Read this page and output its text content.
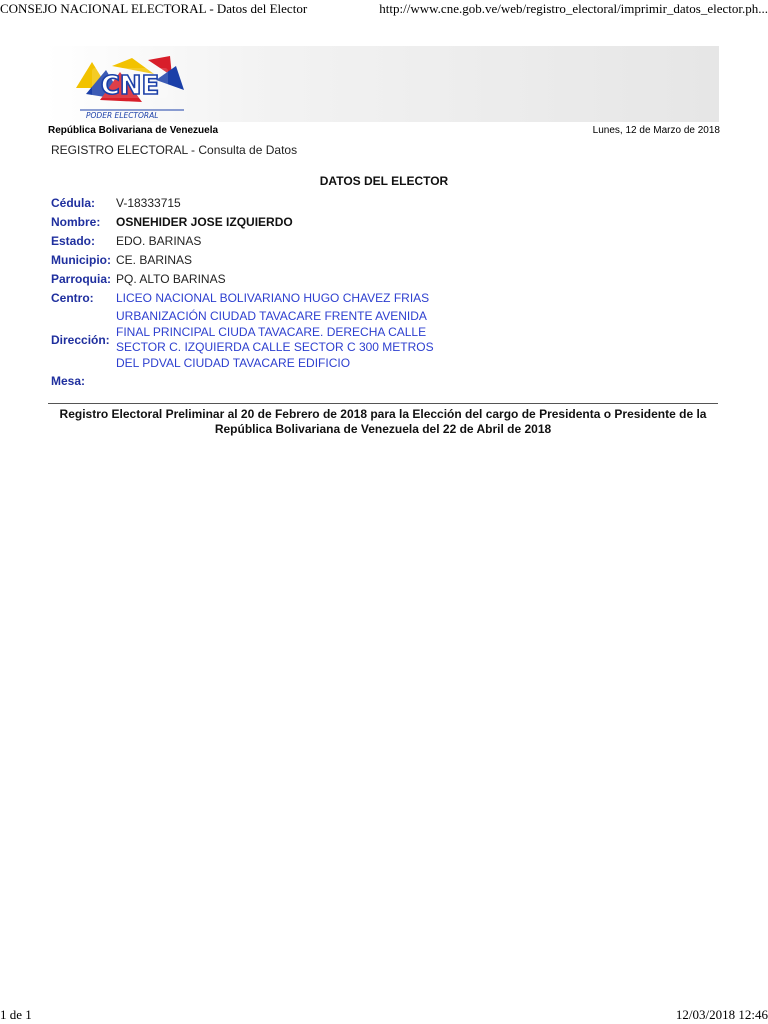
CONSEJO NACIONAL ELECTORAL - Datos del Elector	http://www.cne.gob.ve/web/registro_electoral/imprimir_datos_elector.ph...
CNE
PODER ELECTORAL
República Bolivariana de Venezuela	Lunes, 12 de Marzo de 2018
REGISTRO ELECTORAL - Consulta de Datos
DATOS DEL ELECTOR
Cédula:	V-18333715
Nombre:	OSNEHIDER JOSE IZQUIERDO
Estado:	EDO. BARINAS
Municipio: CE. BARINAS
Parroquia: PQ. ALTO BARINAS
Centro:	LICEO NACIONAL BOLIVARIANO HUGO CHAVEZ FRIAS
Dirección:
URBANIZACIÓN CIUDAD TAVACARE FRENTE AVENIDA FINAL PRINCIPAL CIUDA TAVACARE. DERECHA CALLE SECTOR C. IZQUIERDA CALLE SECTOR C 300 METROS DEL PDVAL CIUDAD TAVACARE EDIFICIO
Mesa:
Registro Electoral Preliminar al 20 de Febrero de 2018 para la Elección del cargo de Presidenta o Presidente de la República Bolivariana de Venezuela del 22 de Abril de 2018
1 de 1	12/03/2018 12:46
